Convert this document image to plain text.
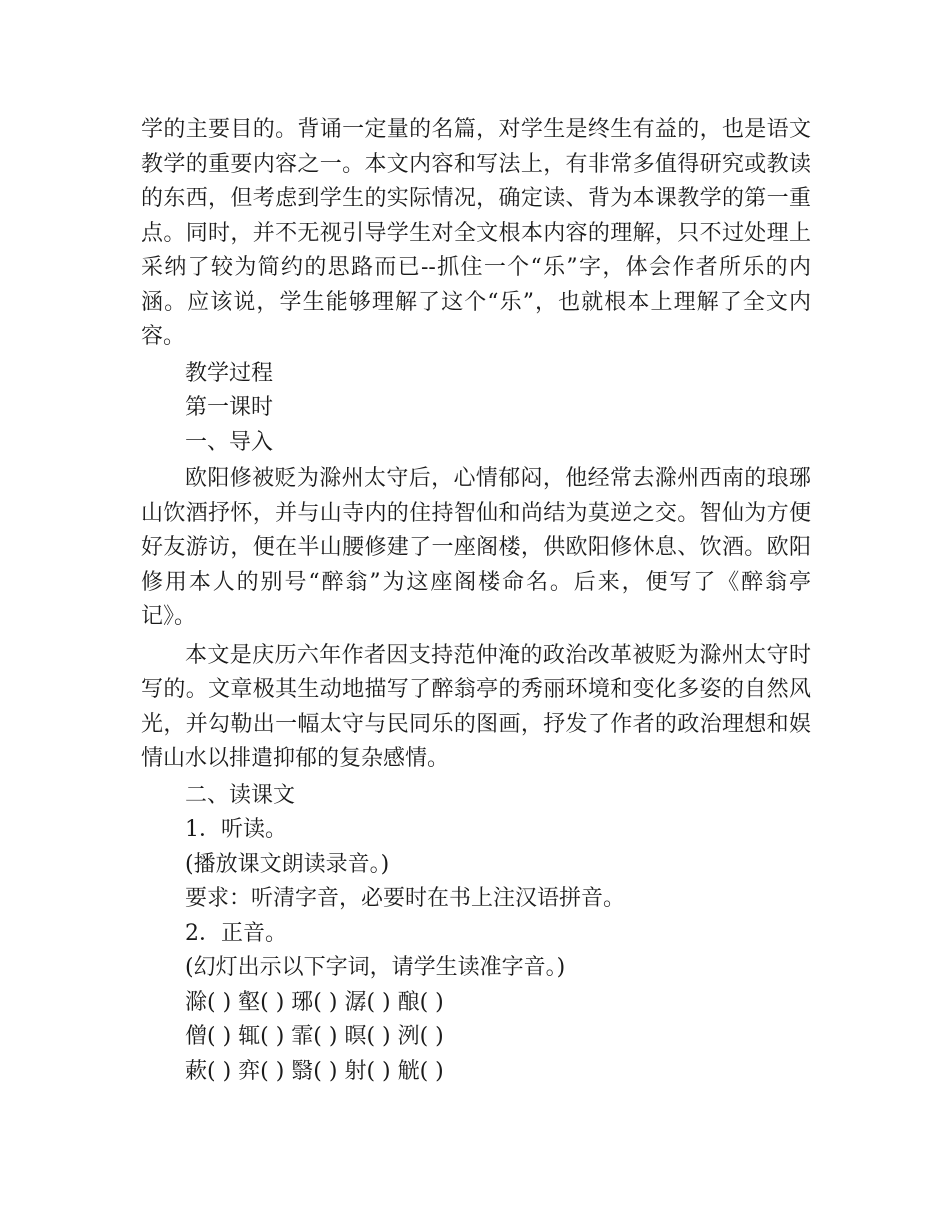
学的主要目的。背诵一定量的名篇，对学生是终生有益的，也是语文教学的重要内容之一。本文内容和写法上，有非常多值得研究或教读的东西，但考虑到学生的实际情况，确定读、背为本课教学的第一重点。同时，并不无视引导学生对全文根本内容的理解，只不过处理上采纳了较为简约的思路而已--抓住一个“乐”字，体会作者所乐的内涵。应该说，学生能够理解了这个“乐”，也就根本上理解了全文内容。

教学过程
第一课时
一、导入

欧阳修被贬为滁州太守后，心情郁闷，他经常去滁州西南的琅琊山饮酒抒怀，并与山寺内的住持智仙和尚结为莫逆之交。智仙为方便好友游访，便在半山腰修建了一座阁楼，供欧阳修休息、饮酒。欧阳修用本人的别号“醉翁”为这座阁楼命名。后来，便写了《醉翁亭记》。

本文是庆历六年作者因支持范仲淹的政治改革被贬为滁州太守时写的。文章极其生动地描写了醉翁亭的秀丽环境和变化多姿的自然风光，并勾勒出一幅太守与民同乐的图画，抒发了作者的政治理想和娱情山水以排遣抑郁的复杂感情。

二、读课文
1．听读。
(播放课文朗读录音。)
要求：听清字音，必要时在书上注汉语拼音。
2．正音。
(幻灯出示以下字词，请学生读准字音。)
滁( ) 壑( ) 琊( ) 潺( ) 酿( )
僧( ) 辄( ) 霏( ) 暝( ) 洌( )
蔌( ) 弈( ) 翳( ) 射( ) 觥( )
